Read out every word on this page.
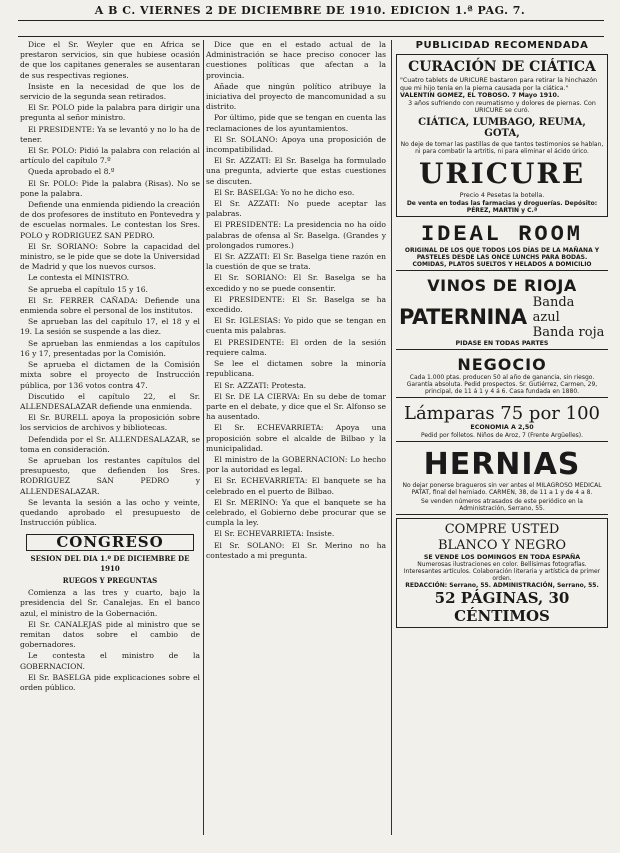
A B C. VIERNES 2 DE DICIEMBRE DE 1910. EDICION 1.ª PAG. 7.

Dice el Sr. Weyler que en Africa se prestaron servicios, sin que hubiese ocasión de que los capitanes generales se ausentaran de sus respectivas regiones.

Insiste en la necesidad de que los de servicio de la segunda sean retirados.

El Sr. POLO pide la palabra para dirigir una pregunta al señor ministro.

El PRESIDENTE: Ya se levantó y no lo ha de tener.

El Sr. POLO: Pidió la palabra con relación al artículo del capítulo 7.º

Queda aprobado el 8.º

El Sr. POLO: Pide la palabra (Risas). No se pone la palabra.

Defiende una enmienda pidiendo la creación de dos profesores de instituto en Pontevedra y de escuelas normales. Le contestan los Sres. POLO y RODRIGUEZ SAN PEDRO.

El Sr. SORIANO: Sobre la capacidad del ministro, se le pide que se dote la Universidad de Madrid y que los nuevos cursos.

Le contesta el MINISTRO.

Se aprueba el capítulo 15 y 16.

El Sr. FERRER CAÑADA: Defiende una enmienda sobre el personal de los institutos.

Se aprueban las del capítulo 17, el 18 y el 19. La sesión se suspende a las diez.

Se aprueban las enmiendas a los capítulos 16 y 17, presentadas por la Comisión.

Se aprueba el dictamen de la Comisión mixta sobre el proyecto de Instrucción pública, por 136 votos contra 47.

Discutido el capítulo 22, el Sr. ALLENDESALAZAR defiende una enmienda.

El Sr. BURELL apoya la proposición sobre los servicios de archivos y bibliotecas.

Defendida por el Sr. ALLENDESALAZAR, se toma en consideración.

Se aprueban los restantes capítulos del presupuesto, que defienden los Sres. RODRIGUEZ SAN PEDRO y ALLENDESALAZAR.

Se levanta la sesión a las ocho y veinte, quedando aprobado el presupuesto de Instrucción pública.

CONGRESO
SESION DEL DIA 1.º DE DICIEMBRE DE 1910
RUEGOS Y PREGUNTAS

Comienza a las tres y cuarto, bajo la presidencia del Sr. Canalejas. En el banco azul, el ministro de la Gobernación.

El Sr. CANALEJAS pide al ministro que se remitan datos sobre el cambio de gobernadores.

Le contesta el ministro de la GOBERNACION.

El Sr. BASELGA pide explicaciones sobre el orden público.

Dice que en el estado actual de la Administración se hace preciso conocer las cuestiones políticas que afectan a la provincia.

Añade que ningún político atribuye la iniciativa del proyecto de mancomunidad a su distrito.

Por último, pide que se tengan en cuenta las reclamaciones de los ayuntamientos.

El Sr. SOLANO: Apoya una proposición de incompatibilidad.

El Sr. AZZATI: El Sr. Baselga ha formulado una pregunta, advierte que estas cuestiones se discuten.

El Sr. BASELGA: Yo no he dicho eso.

El Sr. AZZATI: No puede aceptar las palabras.

El PRESIDENTE: La presidencia no ha oído palabras de ofensa al Sr. Baselga. (Grandes y prolongados rumores.)

El Sr. AZZATI: El Sr. Baselga tiene razón en la cuestión de que se trata.

El Sr. SORIANO: El Sr. Baselga se ha excedido y no se puede consentir.

El PRESIDENTE: El Sr. Baselga se ha excedido.

El Sr. IGLESIAS: Yo pido que se tengan en cuenta mis palabras.

El PRESIDENTE: El orden de la sesión requiere calma.

Se lee el dictamen sobre la minoría republicana.

El Sr. AZZATI: Protesta.

El Sr. DE LA CIERVA: En su debe de tomar parte en el debate, y dice que el Sr. Alfonso se ha ausentado.

El Sr. ECHEVARRIETA: Apoya una proposición sobre el alcalde de Bilbao y la municipalidad.

El ministro de la GOBERNACION: Lo hecho por la autoridad es legal.

El Sr. ECHEVARRIETA: El banquete se ha celebrado en el puerto de Bilbao.

El Sr. MERINO: Ya que el banquete se ha celebrado, el Gobierno debe procurar que se cumpla la ley.

El Sr. ECHEVARRIETA: Insiste.

El Sr. SOLANO: El Sr. Merino no ha contestado a mi pregunta.

PUBLICIDAD RECOMENDADA
CURACIÓN DE CIÁTICA
"Cuatro tablets de URICURE bastaron para retirar la hinchazón que mi hijo tenía en la pierna causada por la ciática."
VALENTIN GOMEZ, EL TOBOSO. 7 Mayo 1910.
3 años sufriendo con reumatismo y dolores de piernas. Con URICURE se curó.
CIÁTICA, LUMBAGO, REUMA, GOTA,
No deje de tomar las pastillas de que tantos testimonios se hablan, ni para combatir la artritis, ni para eliminar el ácido úrico.
URICURE
Precio 4 Pesetas la botella.
De venta en todas las farmacias y droguerías. Depósito: PÉREZ, MARTIN y C.ª
IDEAL ROOM
ORIGINAL DE LOS QUE TODOS LOS DÍAS DE LA MAÑANA Y PASTELES DESDE LAS ONCE LUNCHS PARA BODAS. COMIDAS, PLATOS SUELTOS Y HELADOS A DOMICILIO
VINOS DE RIOJA
PATERNINA
Banda azul
Banda roja
PIDASE EN TODAS PARTES
NEGOCIO
Cada 1.000 ptas. producen 50 al año de ganancia, sin riesgo. Garantía absoluta. Pedid prospectos. Sr. Gutiérrez, Carmen, 29, principal, de 11 á 1 y 4 á 6. Casa fundada en 1880.
Lámparas 75 por 100
ECONOMIA A 2,50
Pedid por folletos. Niños de Aroz, 7 (Frente Argüelles).
HERNIAS
No dejar ponerse bragueros sin ver antes el MILAGROSO MEDICAL PATAT, final del herniado. CARMEN, 38, de 11 a 1 y de 4 a 8.
Se venden números atrasados de este periódico en la Administración, Serrano, 55.
COMPRE USTED
BLANCO Y NEGRO
SE VENDE LOS DOMINGOS EN TODA ESPAÑA
Numerosas ilustraciones en color. Bellísimas fotografías. Interesantes artículos. Colaboración literaria y artística de primer orden.
REDACCIÓN: Serrano, 55. ADMINISTRACIÓN, Serrano, 55.
52 PÁGINAS, 30 CÉNTIMOS
